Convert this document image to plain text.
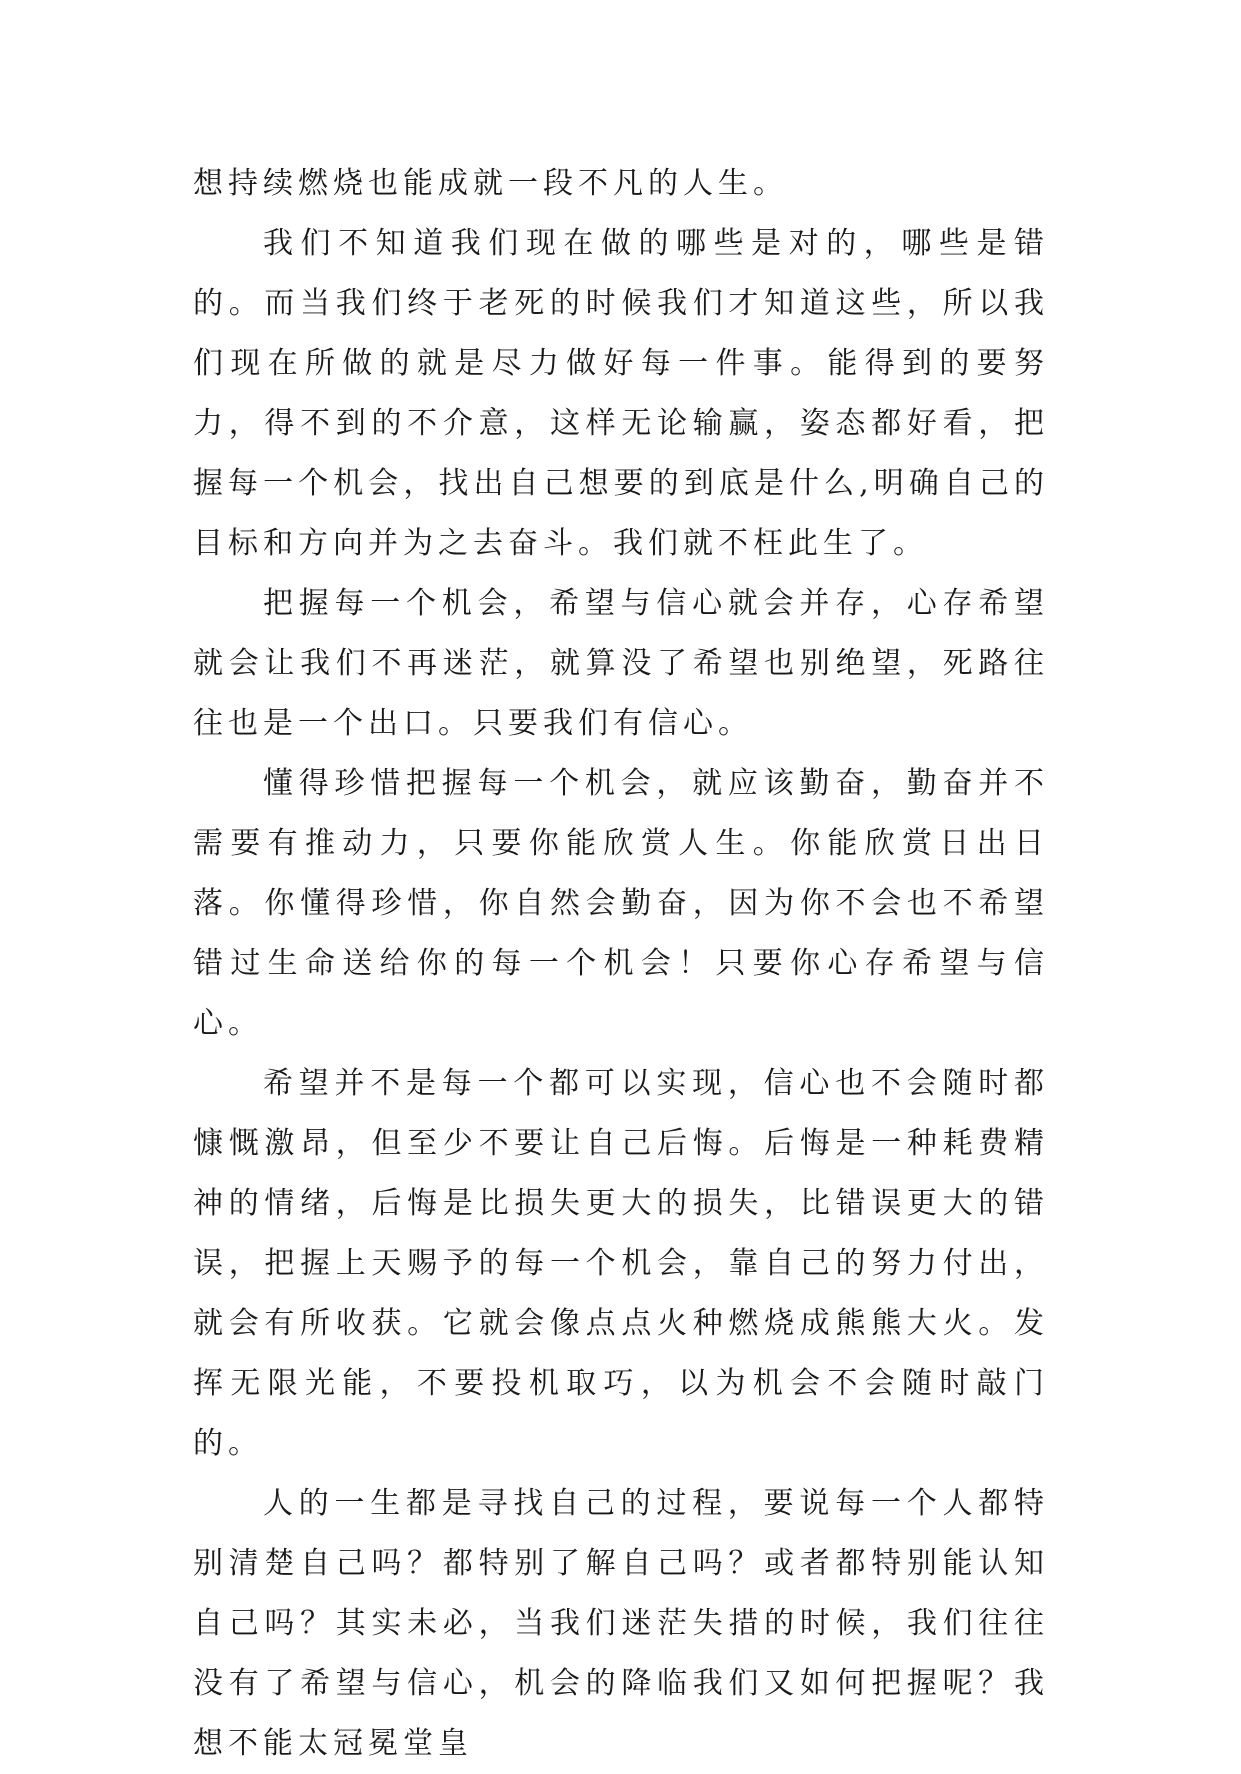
想持续燃烧也能成就一段不凡的人生。

我们不知道我们现在做的哪些是对的，哪些是错的。而当我们终于老死的时候我们才知道这些，所以我们现在所做的就是尽力做好每一件事。能得到的要努力，得不到的不介意，这样无论输赢，姿态都好看，把握每一个机会，找出自己想要的到底是什么,明确自己的目标和方向并为之去奋斗。我们就不枉此生了。

把握每一个机会，希望与信心就会并存，心存希望就会让我们不再迷茫，就算没了希望也别绝望，死路往往也是一个出口。只要我们有信心。

懂得珍惜把握每一个机会，就应该勤奋，勤奋并不需要有推动力，只要你能欣赏人生。你能欣赏日出日落。你懂得珍惜，你自然会勤奋，因为你不会也不希望错过生命送给你的每一个机会！只要你心存希望与信心。

希望并不是每一个都可以实现，信心也不会随时都慷慨激昂，但至少不要让自己后悔。后悔是一种耗费精神的情绪，后悔是比损失更大的损失，比错误更大的错误，把握上天赐予的每一个机会，靠自己的努力付出，就会有所收获。它就会像点点火种燃烧成熊熊大火。发挥无限光能，不要投机取巧，以为机会不会随时敲门的。

人的一生都是寻找自己的过程，要说每一个人都特别清楚自己吗？都特别了解自己吗？或者都特别能认知自己吗？其实未必，当我们迷茫失措的时候，我们往往没有了希望与信心，机会的降临我们又如何把握呢？我想不能太冠冕堂皇
